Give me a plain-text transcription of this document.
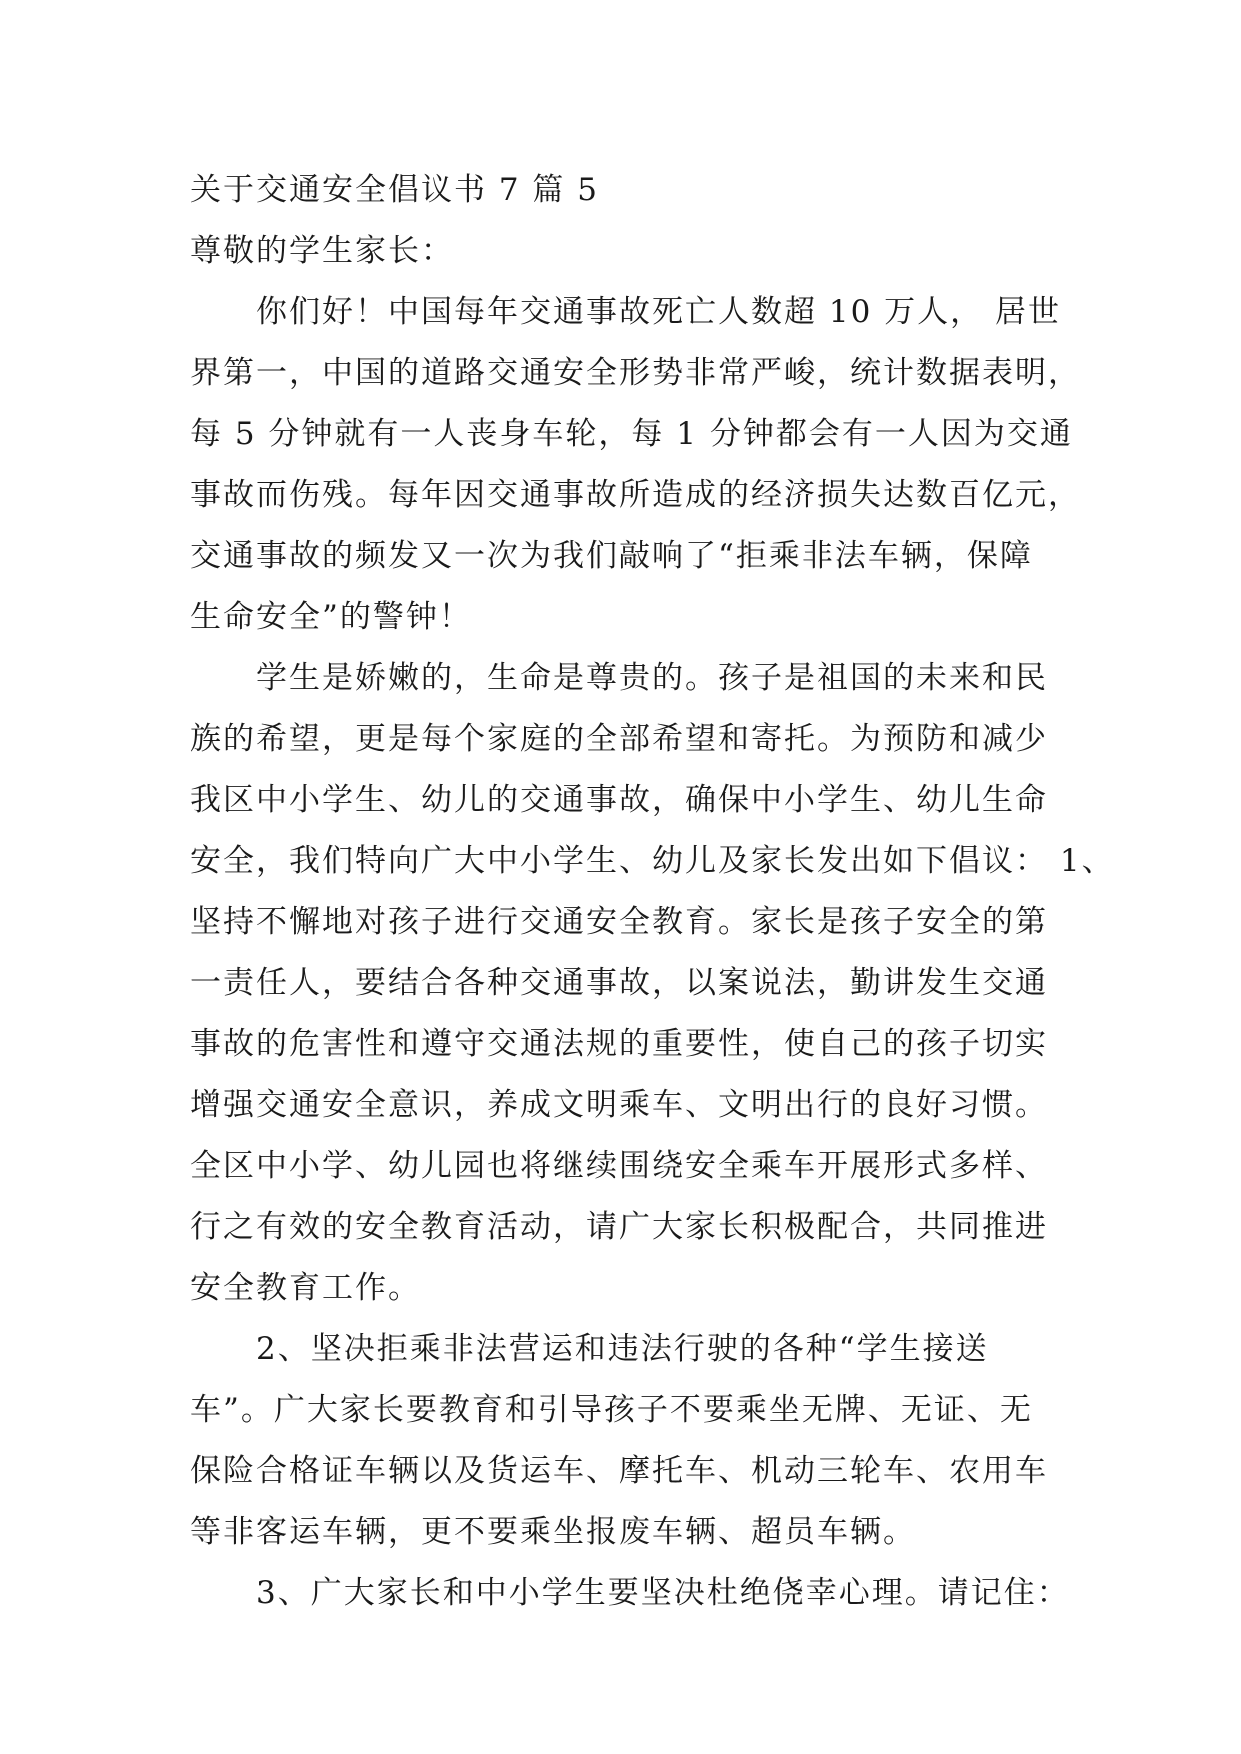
关于交通安全倡议书 7 篇 5
尊敬的学生家长：
你们好！中国每年交通事故死亡人数超 10 万人， 居世
界第一，中国的道路交通安全形势非常严峻，统计数据表明，
每 5 分钟就有一人丧身车轮，每 1 分钟都会有一人因为交通
事故而伤残。每年因交通事故所造成的经济损失达数百亿元，
交通事故的频发又一次为我们敲响了“拒乘非法车辆，保障
生命安全”的警钟！
学生是娇嫩的，生命是尊贵的。孩子是祖国的未来和民
族的希望，更是每个家庭的全部希望和寄托。为预防和减少
我区中小学生、幼儿的交通事故，确保中小学生、幼儿生命
安全，我们特向广大中小学生、幼儿及家长发出如下倡议： 1、
坚持不懈地对孩子进行交通安全教育。家长是孩子安全的第
一责任人，要结合各种交通事故，以案说法，勤讲发生交通
事故的危害性和遵守交通法规的重要性，使自己的孩子切实
增强交通安全意识，养成文明乘车、文明出行的良好习惯。
全区中小学、幼儿园也将继续围绕安全乘车开展形式多样、
行之有效的安全教育活动，请广大家长积极配合，共同推进
安全教育工作。
2、坚决拒乘非法营运和违法行驶的各种“学生接送
车”。广大家长要教育和引导孩子不要乘坐无牌、无证、无
保险合格证车辆以及货运车、摩托车、机动三轮车、农用车
等非客运车辆，更不要乘坐报废车辆、超员车辆。
3、广大家长和中小学生要坚决杜绝侥幸心理。请记住：
